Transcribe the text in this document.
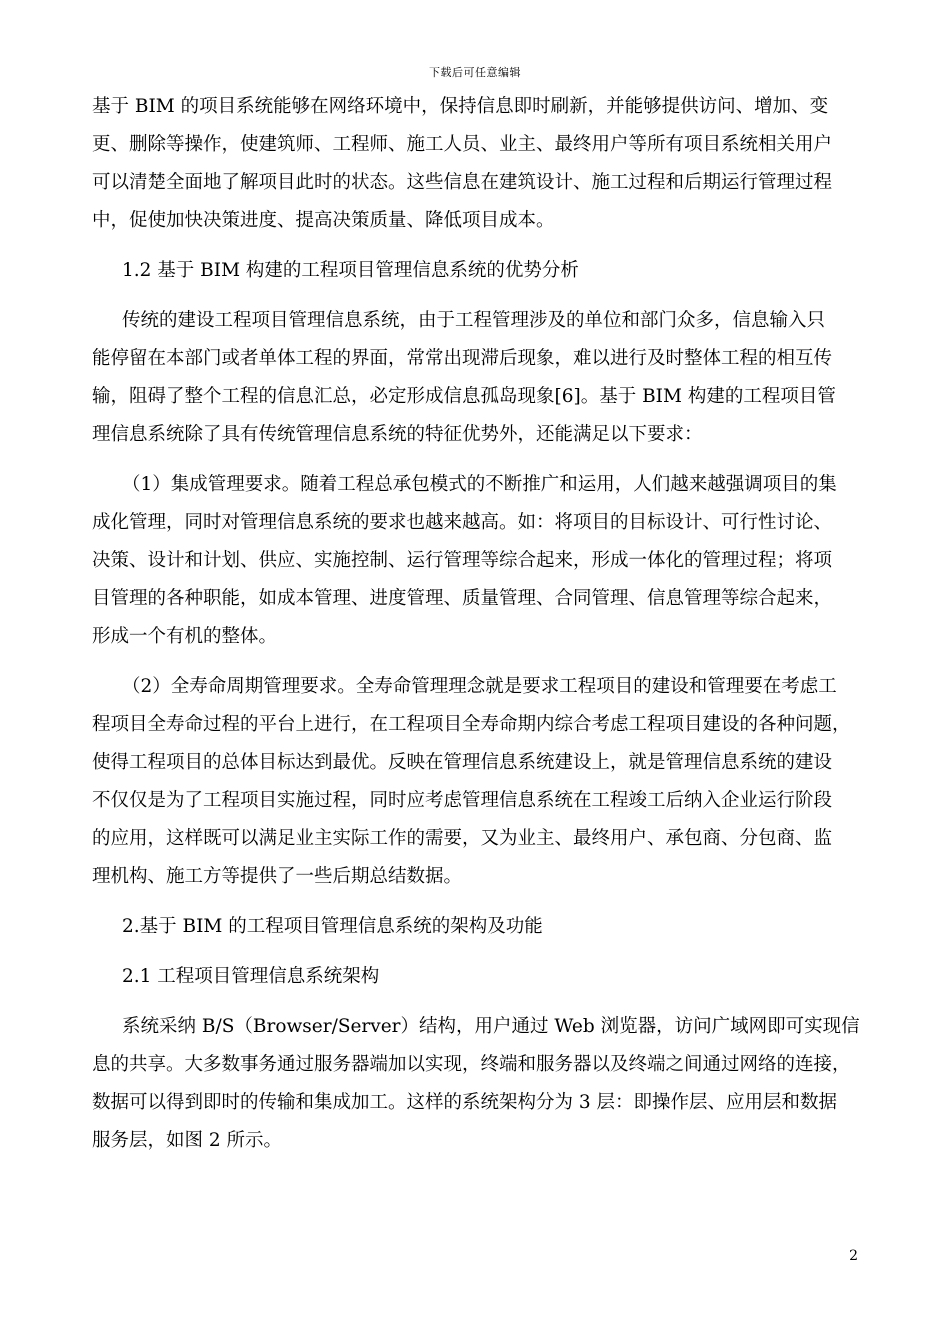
下载后可任意编辑
基于 BIM 的项目系统能够在网络环境中，保持信息即时刷新，并能够提供访问、增加、变
更、删除等操作，使建筑师、工程师、施工人员、业主、最终用户等所有项目系统相关用户
可以清楚全面地了解项目此时的状态。这些信息在建筑设计、施工过程和后期运行管理过程
中，促使加快决策进度、提高决策质量、降低项目成本。
1.2 基于 BIM 构建的工程项目管理信息系统的优势分析
传统的建设工程项目管理信息系统，由于工程管理涉及的单位和部门众多，信息输入只
能停留在本部门或者单体工程的界面，常常出现滞后现象，难以进行及时整体工程的相互传
输，阻碍了整个工程的信息汇总，必定形成信息孤岛现象[6]。基于 BIM 构建的工程项目管
理信息系统除了具有传统管理信息系统的特征优势外，还能满足以下要求：
（1）集成管理要求。随着工程总承包模式的不断推广和运用，人们越来越强调项目的集
成化管理，同时对管理信息系统的要求也越来越高。如：将项目的目标设计、可行性讨论、
决策、设计和计划、供应、实施控制、运行管理等综合起来，形成一体化的管理过程；将项
目管理的各种职能，如成本管理、进度管理、质量管理、合同管理、信息管理等综合起来，
形成一个有机的整体。
（2）全寿命周期管理要求。全寿命管理理念就是要求工程项目的建设和管理要在考虑工
程项目全寿命过程的平台上进行，在工程项目全寿命期内综合考虑工程项目建设的各种问题，
使得工程项目的总体目标达到最优。反映在管理信息系统建设上，就是管理信息系统的建设
不仅仅是为了工程项目实施过程，同时应考虑管理信息系统在工程竣工后纳入企业运行阶段
的应用，这样既可以满足业主实际工作的需要，又为业主、最终用户、承包商、分包商、监
理机构、施工方等提供了一些后期总结数据。
2.基于 BIM 的工程项目管理信息系统的架构及功能
2.1 工程项目管理信息系统架构
系统采纳 B/S（Browser/Server）结构，用户通过 Web 浏览器，访问广域网即可实现信
息的共享。大多数事务通过服务器端加以实现，终端和服务器以及终端之间通过网络的连接，
数据可以得到即时的传输和集成加工。这样的系统架构分为 3 层：即操作层、应用层和数据
服务层，如图 2 所示。
2
